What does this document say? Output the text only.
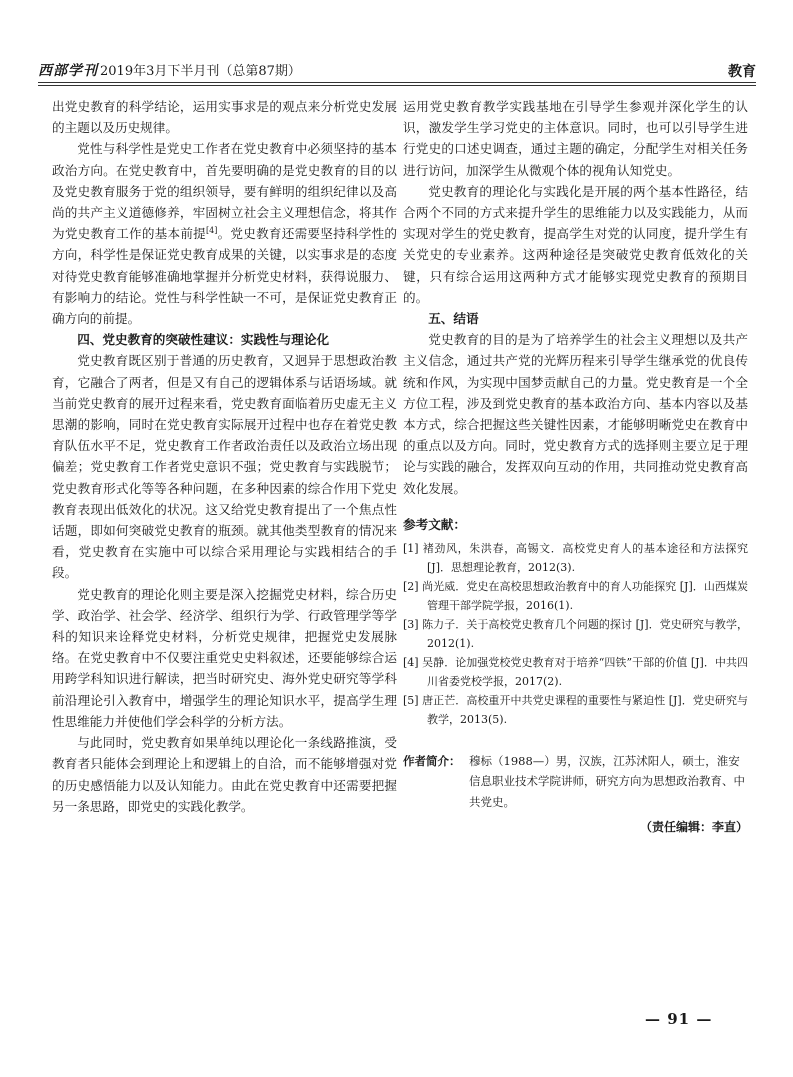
西部学刊 2019年3月下半月刊（总第87期）	教育

出党史教育的科学结论，运用实事求是的观点来分析党史发展的主题以及历史规律。

党性与科学性是党史工作者在党史教育中必须坚持的基本政治方向。在党史教育中，首先要明确的是党史教育的目的以及党史教育服务于党的组织领导，要有鲜明的组织纪律以及高尚的共产主义道德修养，牢固树立社会主义理想信念，将其作为党史教育工作的基本前提[4]。党史教育还需要坚持科学性的方向，科学性是保证党史教育成果的关键，以实事求是的态度对待党史教育能够准确地掌握并分析党史材料，获得说服力、有影响力的结论。党性与科学性缺一不可，是保证党史教育正确方向的前提。

四、党史教育的突破性建议：实践性与理论化

党史教育既区别于普通的历史教育，又迥异于思想政治教育，它融合了两者，但是又有自己的逻辑体系与话语场域。就当前党史教育的展开过程来看，党史教育面临着历史虚无主义思潮的影响，同时在党史教育实际展开过程中也存在着党史教育队伍水平不足，党史教育工作者政治责任以及政治立场出现偏差；党史教育工作者党史意识不强；党史教育与实践脱节；党史教育形式化等等各种问题，在多种因素的综合作用下党史教育表现出低效化的状况。这又给党史教育提出了一个焦点性话题，即如何突破党史教育的瓶颈。就其他类型教育的情况来看，党史教育在实施中可以综合采用理论与实践相结合的手段。

党史教育的理论化则主要是深入挖掘党史材料，综合历史学、政治学、社会学、经济学、组织行为学、行政管理学等学科的知识来诠释党史材料，分析党史规律，把握党史发展脉络。在党史教育中不仅要注重党史史料叙述，还要能够综合运用跨学科知识进行解读，把当时研究史、海外党史研究等学科前沿理论引入教育中，增强学生的理论知识水平，提高学生理性思维能力并使他们学会科学的分析方法。

与此同时，党史教育如果单纯以理论化一条线路推演，受教育者只能体会到理论上和逻辑上的自洽，而不能够增强对党的历史感悟能力以及认知能力。由此在党史教育中还需要把握另一条思路，即党史的实践化教学。

运用党史教育教学实践基地在引导学生参观并深化学生的认识，激发学生学习党史的主体意识。同时，也可以引导学生进行党史的口述史调查，通过主题的确定，分配学生对相关任务进行访问，加深学生从微观个体的视角认知党史。

党史教育的理论化与实践化是开展的两个基本性路径，结合两个不同的方式来提升学生的思维能力以及实践能力，从而实现对学生的党史教育，提高学生对党的认同度，提升学生有关党史的专业素养。这两种途径是突破党史教育低效化的关键，只有综合运用这两种方式才能够实现党史教育的预期目的。

五、结语

党史教育的目的是为了培养学生的社会主义理想以及共产主义信念，通过共产党的光辉历程来引导学生继承党的优良传统和作风，为实现中国梦贡献自己的力量。党史教育是一个全方位工程，涉及到党史教育的基本政治方向、基本内容以及基本方式，综合把握这些关键性因素，才能够明晰党史在教育中的重点以及方向。同时，党史教育方式的选择则主要立足于理论与实践的融合，发挥双向互动的作用，共同推动党史教育高效化发展。

参考文献：
[1] 褚劲风，朱洪春，高锡文．高校党史育人的基本途径和方法探究 [J]．思想理论教育，2012(3).
[2] 尚光威．党史在高校思想政治教育中的育人功能探究 [J]．山西煤炭管理干部学院学报，2016(1).
[3] 陈力子．关于高校党史教育几个问题的探讨 [J]．党史研究与教学，2012(1).
[4] 吴静．论加强党校党史教育对于培养“四铁”干部的价值 [J]．中共四川省委党校学报，2017(2).
[5] 唐正芒．高校重开中共党史课程的重要性与紧迫性 [J]．党史研究与教学，2013(5).
作者简介： 穆标（1988—）男，汉族，江苏沭阳人，硕士，淮安信息职业技术学院讲师，研究方向为思想政治教育、中共党史。
（责任编辑：李直）
— 91 —
